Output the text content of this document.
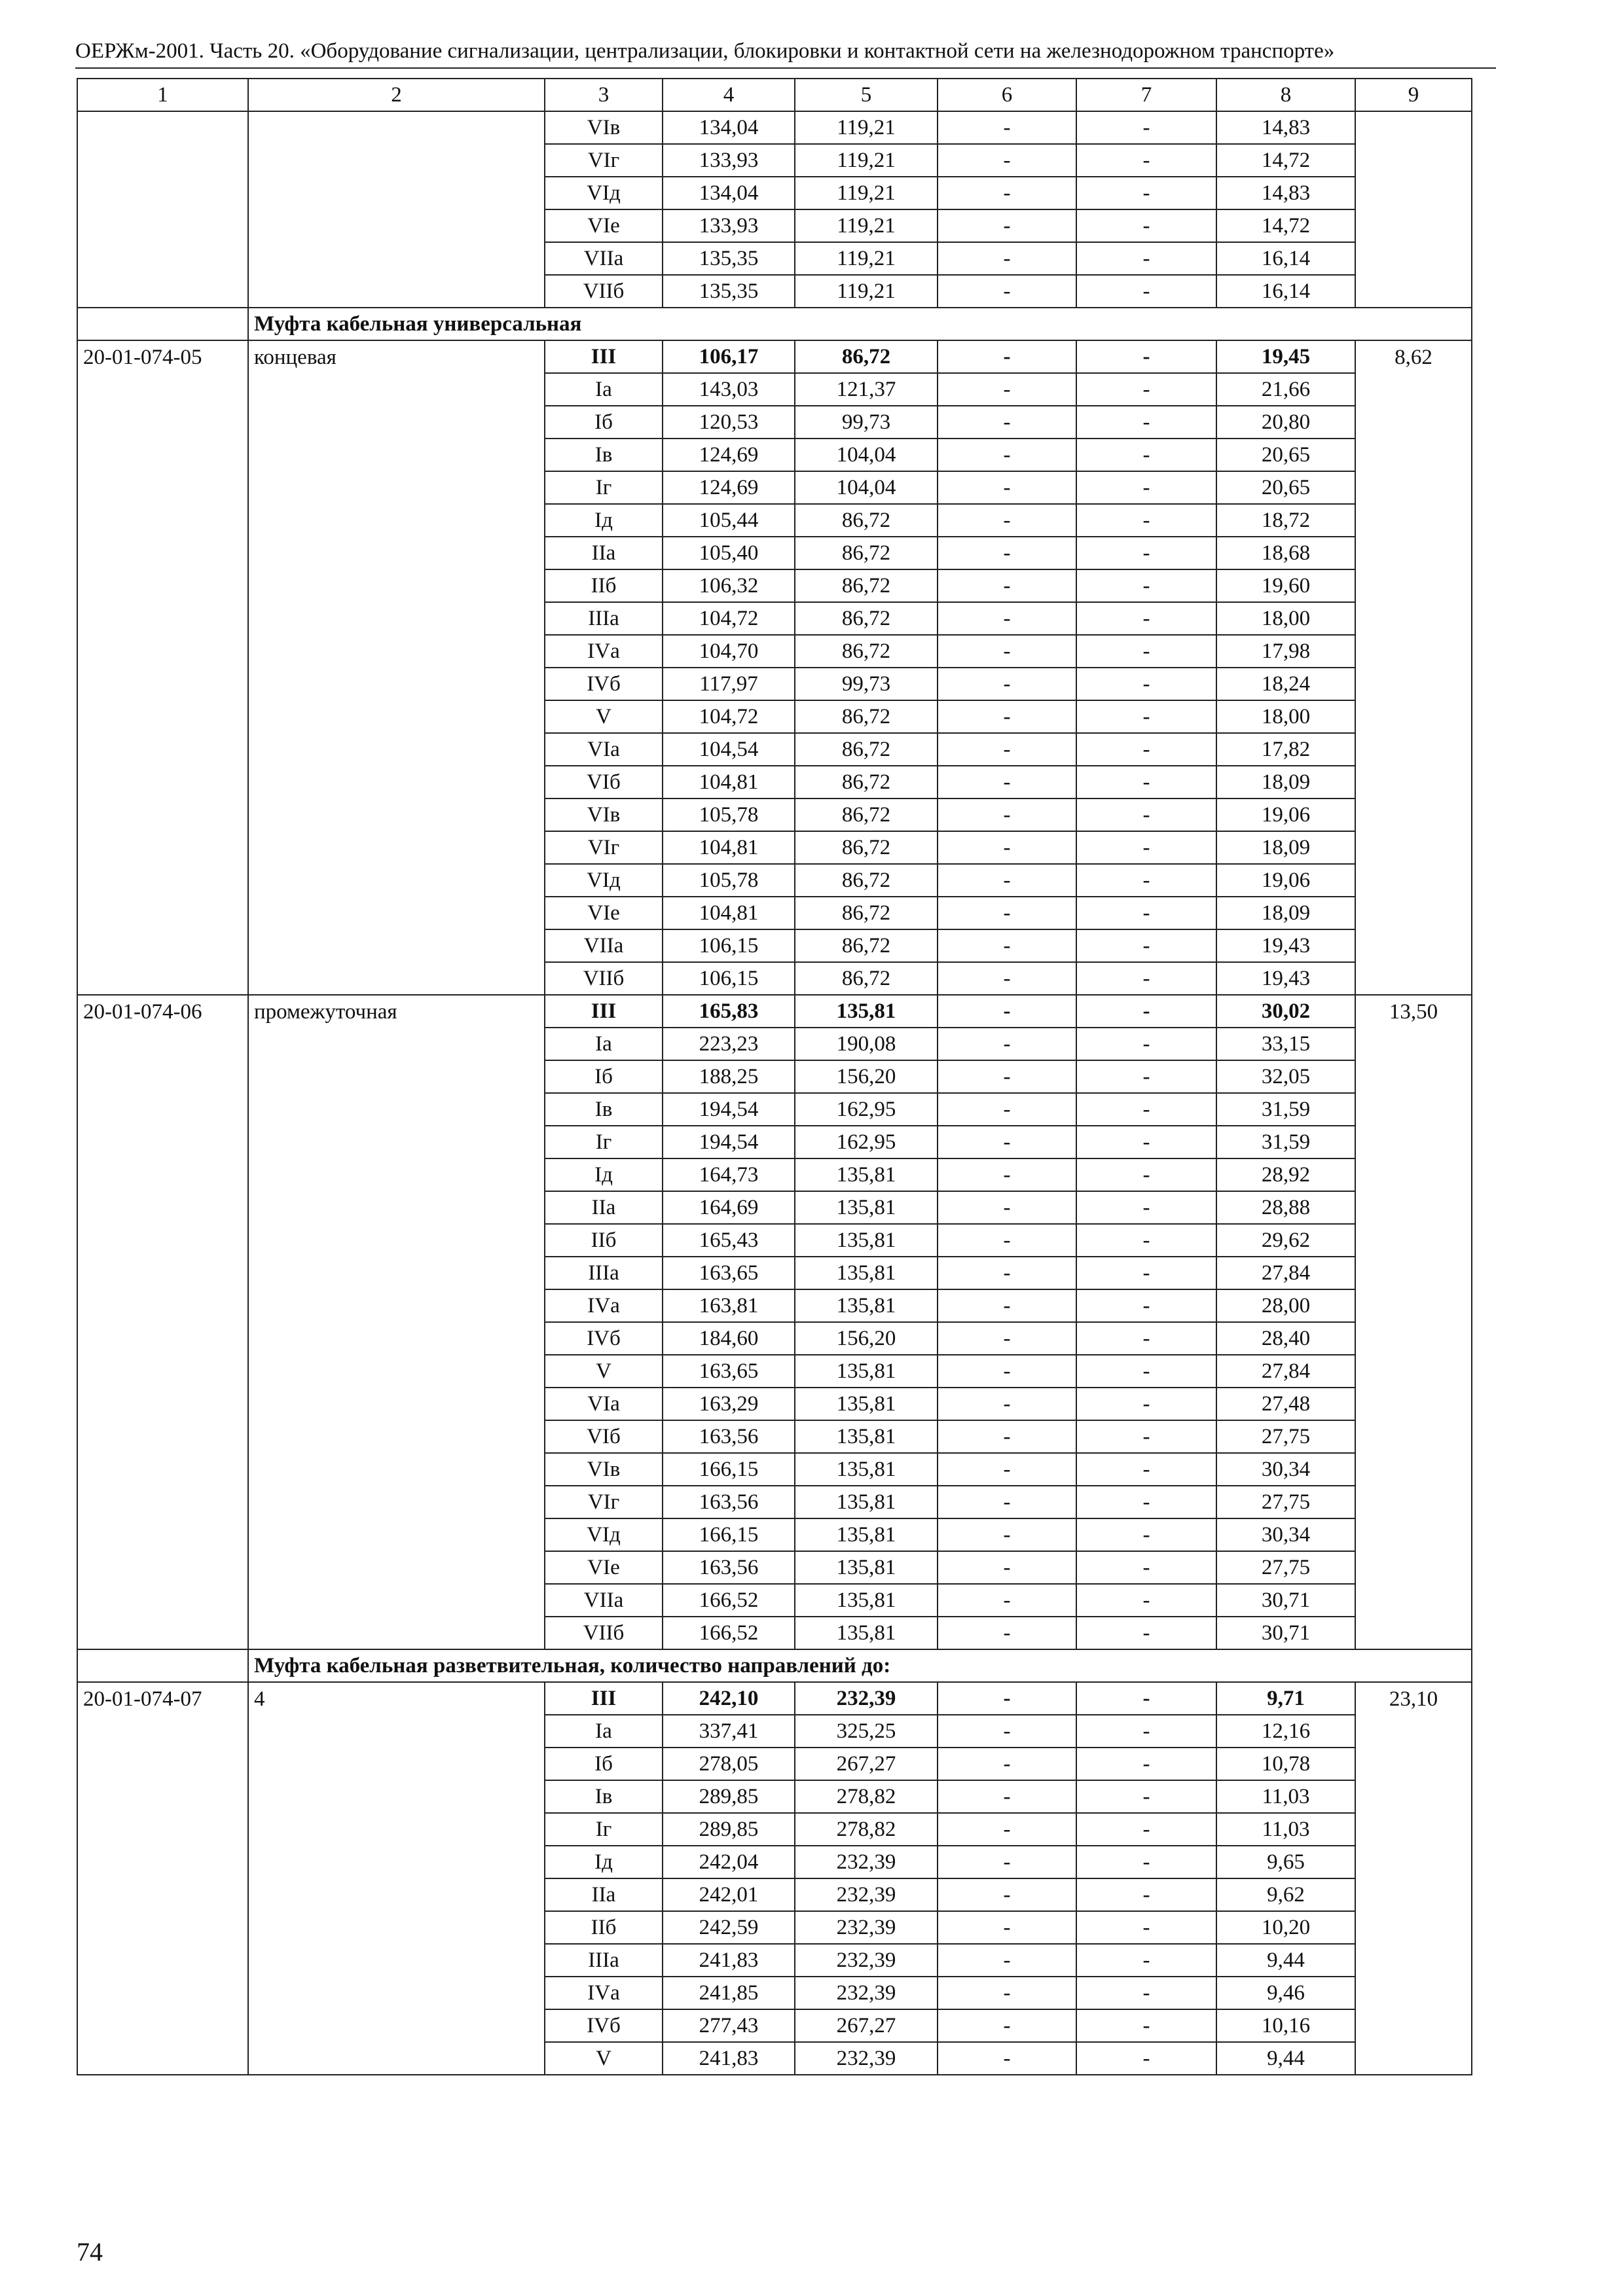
ОЕРЖм-2001. Часть 20. «Оборудование сигнализации, централизации, блокировки и контактной сети на железнодорожном транспорте»
1	2	3	4	5	6	7	8	9
		VIв	134,04	119,21	-	-	14,83	
		VIг	133,93	119,21	-	-	14,72	
		VIд	134,04	119,21	-	-	14,83	
		VIе	133,93	119,21	-	-	14,72	
		VIIа	135,35	119,21	-	-	16,14	
		VIIб	135,35	119,21	-	-	16,14	
	Муфта кабельная универсальная							
20-01-074-05	концевая	III	106,17	86,72	-	-	19,45	8,62
		Iа	143,03	121,37	-	-	21,66	
		Iб	120,53	99,73	-	-	20,80	
		Iв	124,69	104,04	-	-	20,65	
		Iг	124,69	104,04	-	-	20,65	
		Iд	105,44	86,72	-	-	18,72	
		IIа	105,40	86,72	-	-	18,68	
		IIб	106,32	86,72	-	-	19,60	
		IIIа	104,72	86,72	-	-	18,00	
		IVа	104,70	86,72	-	-	17,98	
		IVб	117,97	99,73	-	-	18,24	
		V	104,72	86,72	-	-	18,00	
		VIа	104,54	86,72	-	-	17,82	
		VIб	104,81	86,72	-	-	18,09	
		VIв	105,78	86,72	-	-	19,06	
		VIг	104,81	86,72	-	-	18,09	
		VIд	105,78	86,72	-	-	19,06	
		VIе	104,81	86,72	-	-	18,09	
		VIIа	106,15	86,72	-	-	19,43	
		VIIб	106,15	86,72	-	-	19,43	
20-01-074-06	промежуточная	III	165,83	135,81	-	-	30,02	13,50
		Iа	223,23	190,08	-	-	33,15	
		Iб	188,25	156,20	-	-	32,05	
		Iв	194,54	162,95	-	-	31,59	
		Iг	194,54	162,95	-	-	31,59	
		Iд	164,73	135,81	-	-	28,92	
		IIа	164,69	135,81	-	-	28,88	
		IIб	165,43	135,81	-	-	29,62	
		IIIа	163,65	135,81	-	-	27,84	
		IVа	163,81	135,81	-	-	28,00	
		IVб	184,60	156,20	-	-	28,40	
		V	163,65	135,81	-	-	27,84	
		VIа	163,29	135,81	-	-	27,48	
		VIб	163,56	135,81	-	-	27,75	
		VIв	166,15	135,81	-	-	30,34	
		VIг	163,56	135,81	-	-	27,75	
		VIд	166,15	135,81	-	-	30,34	
		VIе	163,56	135,81	-	-	27,75	
		VIIа	166,52	135,81	-	-	30,71	
		VIIб	166,52	135,81	-	-	30,71	
	Муфта кабельная разветвительная, количество направлений до:							
20-01-074-07	4	III	242,10	232,39	-	-	9,71	23,10
		Iа	337,41	325,25	-	-	12,16	
		Iб	278,05	267,27	-	-	10,78	
		Iв	289,85	278,82	-	-	11,03	
		Iг	289,85	278,82	-	-	11,03	
		Iд	242,04	232,39	-	-	9,65	
		IIа	242,01	232,39	-	-	9,62	
		IIб	242,59	232,39	-	-	10,20	
		IIIа	241,83	232,39	-	-	9,44	
		IVа	241,85	232,39	-	-	9,46	
		IVб	277,43	267,27	-	-	10,16	
		V	241,83	232,39	-	-	9,44	
74
